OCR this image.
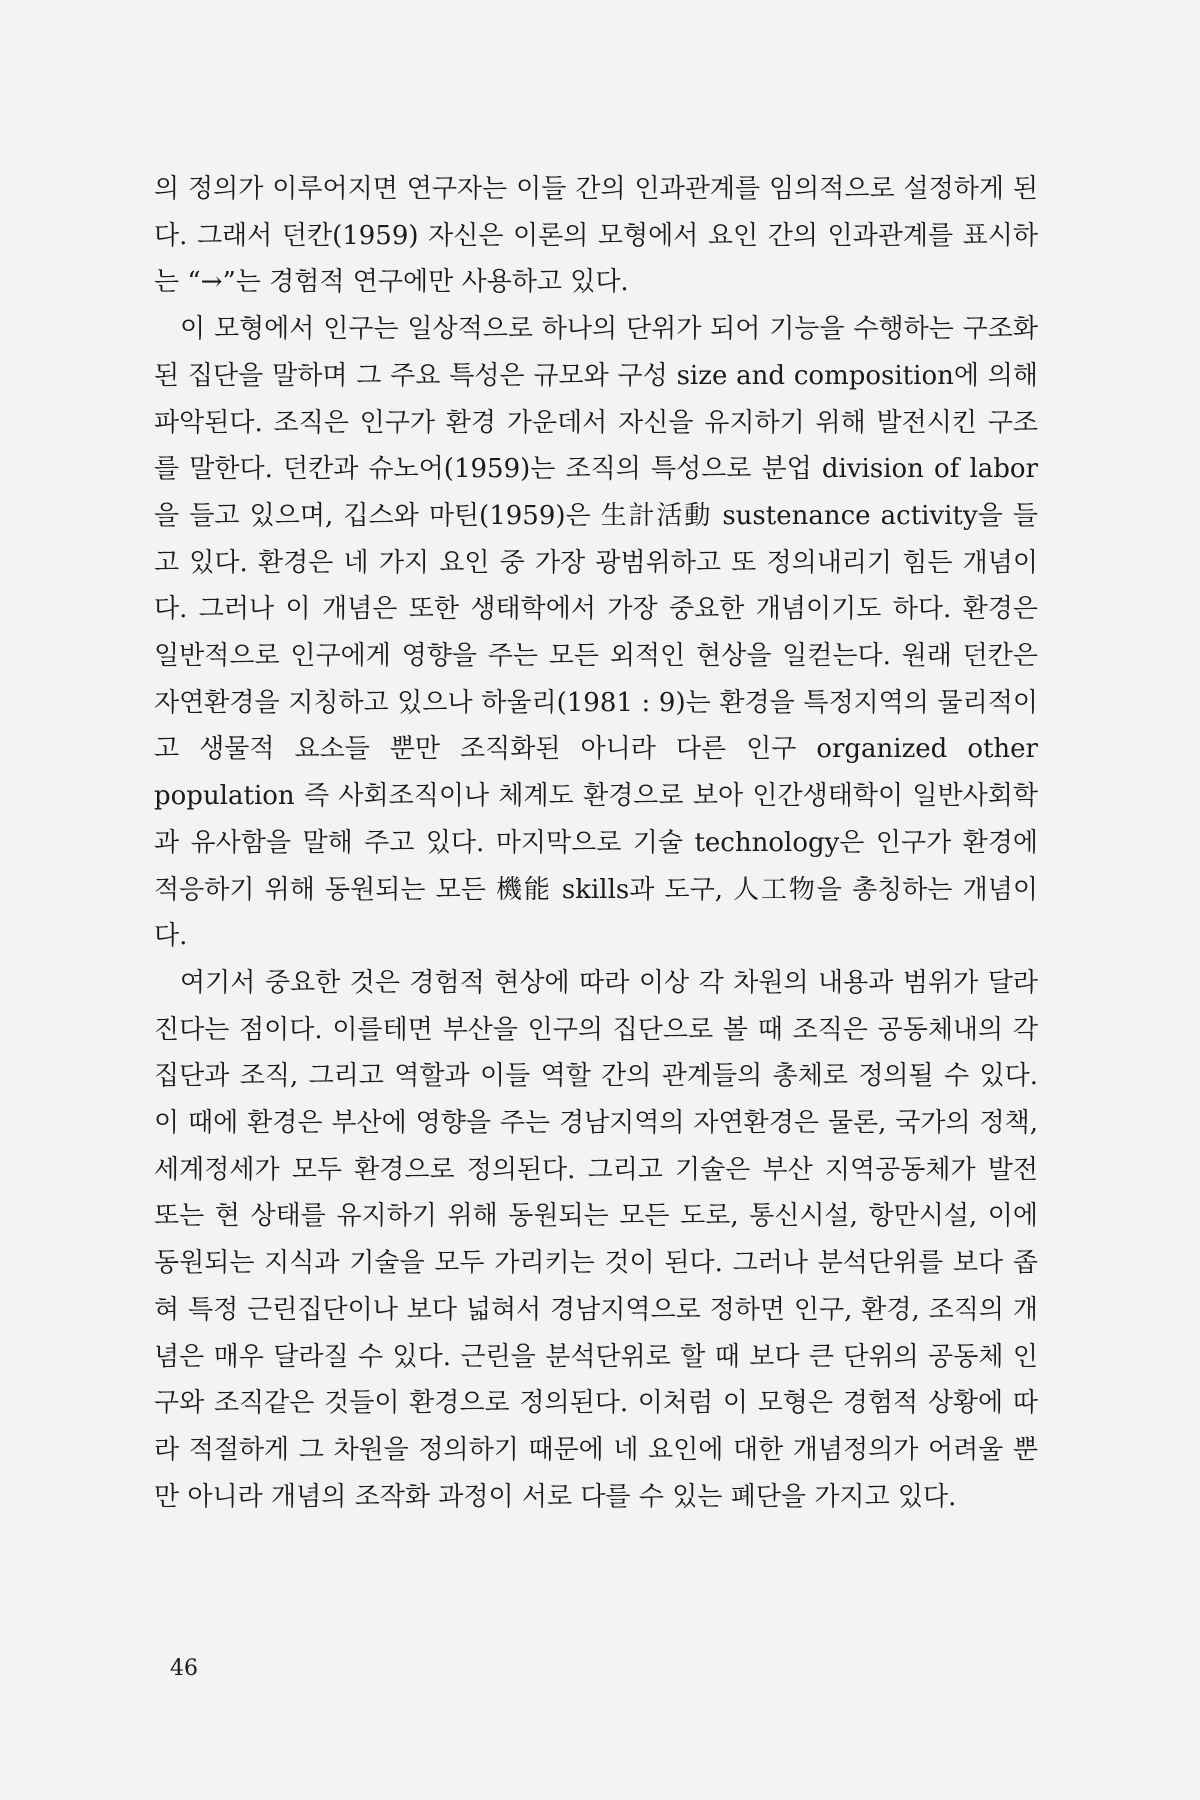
의 정의가 이루어지면 연구자는 이들 간의 인과관계를 임의적으로 설정하게 된다. 그래서 던칸(1959) 자신은 이론의 모형에서 요인 간의 인과관계를 표시하는 “→”는 경험적 연구에만 사용하고 있다.

이 모형에서 인구는 일상적으로 하나의 단위가 되어 기능을 수행하는 구조화된 집단을 말하며 그 주요 특성은 규모와 구성 size and composition에 의해 파악된다. 조직은 인구가 환경 가운데서 자신을 유지하기 위해 발전시킨 구조를 말한다. 던칸과 슈노어(1959)는 조직의 특성으로 분업 division of labor을 들고 있으며, 깁스와 마틴(1959)은 生計活動 sustenance activity을 들고 있다. 환경은 네 가지 요인 중 가장 광범위하고 또 정의내리기 힘든 개념이다. 그러나 이 개념은 또한 생태학에서 가장 중요한 개념이기도 하다. 환경은 일반적으로 인구에게 영향을 주는 모든 외적인 현상을 일컫는다. 원래 던칸은 자연환경을 지칭하고 있으나 하울리(1981 : 9)는 환경을 특정지역의 물리적이고 생물적 요소들 뿐만 조직화된 아니라 다른 인구 organized other population 즉 사회조직이나 체계도 환경으로 보아 인간생태학이 일반사회학과 유사함을 말해 주고 있다. 마지막으로 기술 technology은 인구가 환경에 적응하기 위해 동원되는 모든 機能 skills과 도구, 人工物을 총칭하는 개념이다.

여기서 중요한 것은 경험적 현상에 따라 이상 각 차원의 내용과 범위가 달라진다는 점이다. 이를테면 부산을 인구의 집단으로 볼 때 조직은 공동체내의 각 집단과 조직, 그리고 역할과 이들 역할 간의 관계들의 총체로 정의될 수 있다. 이 때에 환경은 부산에 영향을 주는 경남지역의 자연환경은 물론, 국가의 정책, 세계정세가 모두 환경으로 정의된다. 그리고 기술은 부산 지역공동체가 발전 또는 현 상태를 유지하기 위해 동원되는 모든 도로, 통신시설, 항만시설, 이에 동원되는 지식과 기술을 모두 가리키는 것이 된다. 그러나 분석단위를 보다 좁혀 특정 근린집단이나 보다 넓혀서 경남지역으로 정하면 인구, 환경, 조직의 개념은 매우 달라질 수 있다. 근린을 분석단위로 할 때 보다 큰 단위의 공동체 인구와 조직같은 것들이 환경으로 정의된다. 이처럼 이 모형은 경험적 상황에 따라 적절하게 그 차원을 정의하기 때문에 네 요인에 대한 개념정의가 어려울 뿐만 아니라 개념의 조작화 과정이 서로 다를 수 있는 폐단을 가지고 있다.

46
